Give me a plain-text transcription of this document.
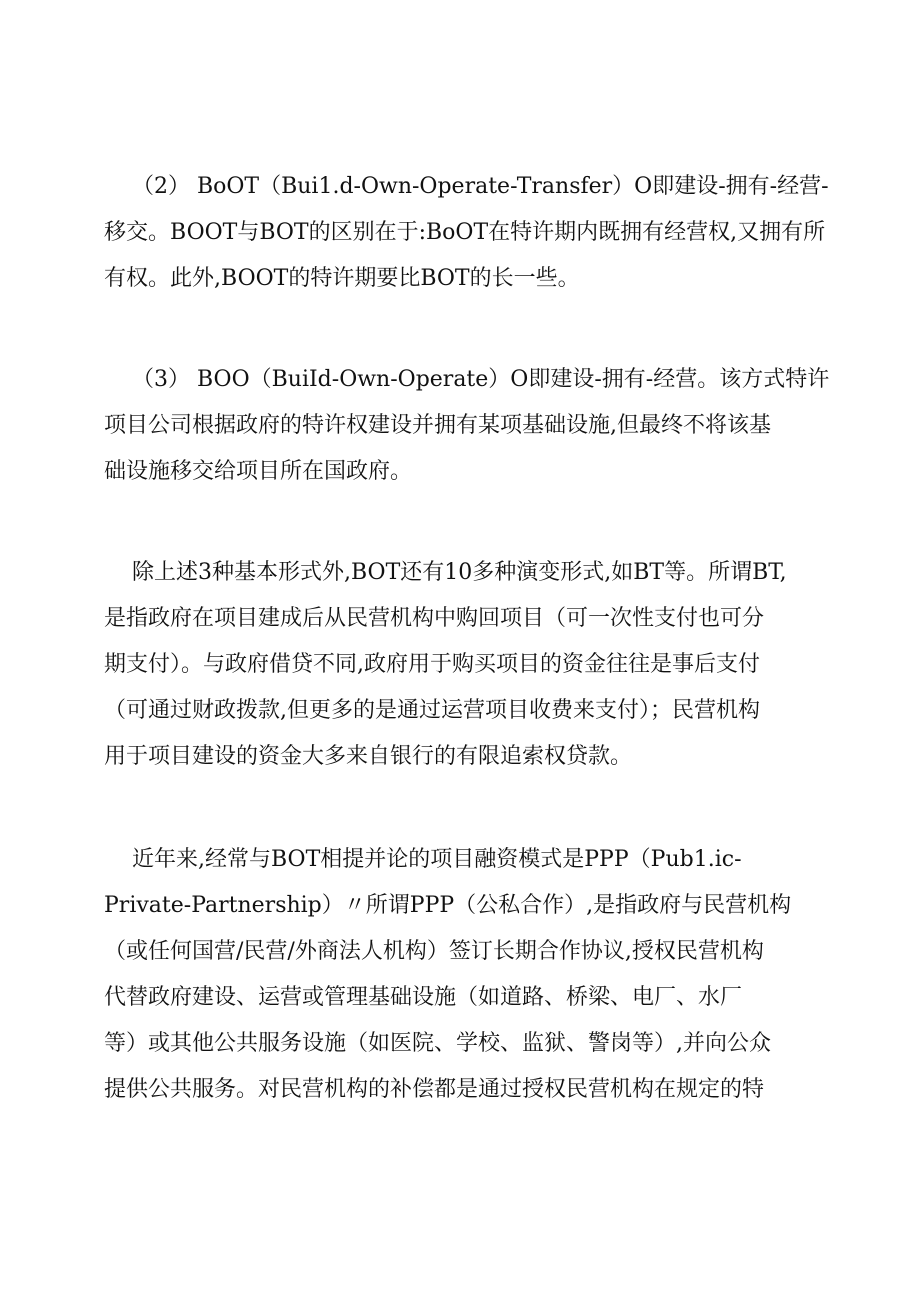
（2） BoOT（Bui1.d-Own-Operate-Transfer）O即建设-拥有-经营-
移交。BOOT与BOT的区别在于:BoOT在特许期内既拥有经营权,又拥有所
有权。此外,BOOT的特许期要比BOT的长一些。
（3） BOO（BuiId-Own-Operate）O即建设-拥有-经营。该方式特许
项目公司根据政府的特许权建设并拥有某项基础设施,但最终不将该基
础设施移交给项目所在国政府。
除上述3种基本形式外,BOT还有10多种演变形式,如BT等。所谓BT,
是指政府在项目建成后从民营机构中购回项目（可一次性支付也可分
期支付）。与政府借贷不同,政府用于购买项目的资金往往是事后支付
（可通过财政拨款,但更多的是通过运营项目收费来支付）；民营机构
用于项目建设的资金大多来自银行的有限追索权贷款。
近年来,经常与BOT相提并论的项目融资模式是PPP（Pub1.ic-
Private-Partnership）〃所谓PPP（公私合作）,是指政府与民营机构
（或任何国营/民营/外商法人机构）签订长期合作协议,授权民营机构
代替政府建设、运营或管理基础设施（如道路、桥梁、电厂、水厂
等）或其他公共服务设施（如医院、学校、监狱、警岗等）,并向公众
提供公共服务。对民营机构的补偿都是通过授权民营机构在规定的特
